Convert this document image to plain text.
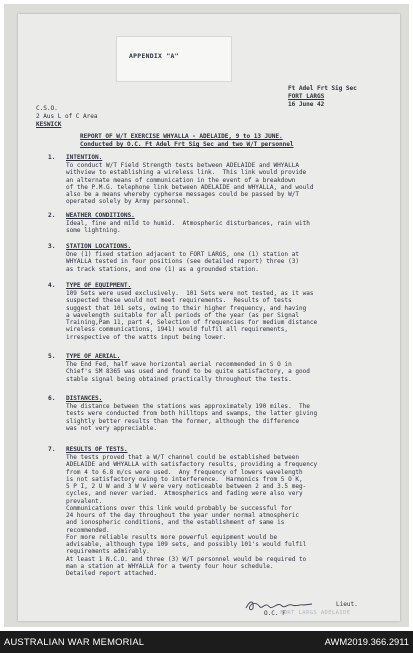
APPENDIX "A"
Ft Adel Frt Sig Sec
FORT LARGS
16 June 42
C.S.O.
2 Aus L of C Area
KESWICK
REPORT OF W/T EXERCISE WHYALLA - ADELAIDE, 9 to 13 JUNE.
Conducted by O.C. Ft Adel Frt Sig Sec and two W/T personnel
1. INTENTION.
To conduct W/T Field Strength tests between ADELAIDE and WHYALLA
withview to establishing a wireless link.  This link would provide
an alternate means of communication in the event of a breakdown
of the P.M.G. telephone link between ADELAIDE and WHYALLA, and would
also be a means whereby cypherse messages could be passed by W/T
operated solely by Army personnel.
2. WEATHER CONDITIONS.
Ideal, fine and mild to humid.  Atmospheric disturbances, rain with
some lightning.
3. STATION LOCATIONS.
One (1) fixed station adjacent to FORT LARGS, one (1) station at
WHYALLA tested in four positions (see detailed report) three (3)
as track stations, and one (1) as a grounded station.
4. TYPE OF EQUIPMENT.
109 Sets were used exclusively.  101 Sets were not tested, as it was
suspected these would not meet requirements.  Results of tests
suggest that 101 sets, owing to their higher frequency, and having
a wavelength suitable for all periods of the year (as per Signal
Training,Pam 11, part 4, Selection of frequencies for medium distance
wireless communications, 1941) would fulfil all requirements,
irrespective of the watts input being lower.
5. TYPE OF AERIAL.
The End Fed, half wave horizontal aerial recommended in S O in
Chief's SM 8365 was used and found to be quite satisfactory, a good
stable signal being obtained practically throughout the tests.
6. DISTANCES.
The distance between the stations was approximately 190 miles.  The
tests were conducted from both hilltops and swamps, the latter giving
slightly better results than the former, although the difference
was not very appreciable.
7. RESULTS OF TESTS.
The tests proved that a W/T channel could be established between
ADELAIDE and WHYALLA with satisfactory results, providing a frequency
from 4 to 6.8 m/cs were used.  Any frequency of lowers wavelength
is not satisfactory owing to interference.  Harmonics from 5 O K,
5 P I, 2 U W and 3 W V were very noticeable between 2 and 3.5 meg-
cycles, and never varied.  Atmospherics and fading were also very
prevalent.
Communications over this link would probably be successful for
24 hours of the day throughout the year under normal atmospheric
and ionospheric conditions, and the establishment of same is
recommended.
For more reliable results more powerful equipment would be
advisable, although type 109 sets, and possibly 101's would fulfil
requirements admirably.
At least 1 N.C.O. and three (3) W/T personnel would be required to
man a station at WHYALLA for a twenty four hour schedule.
Detailed report attached.
Lieut.
O.C. F
FORT LARGS ADELAIDE
AUSTRALIAN WAR MEMORIAL	AWM2019.366.2911
